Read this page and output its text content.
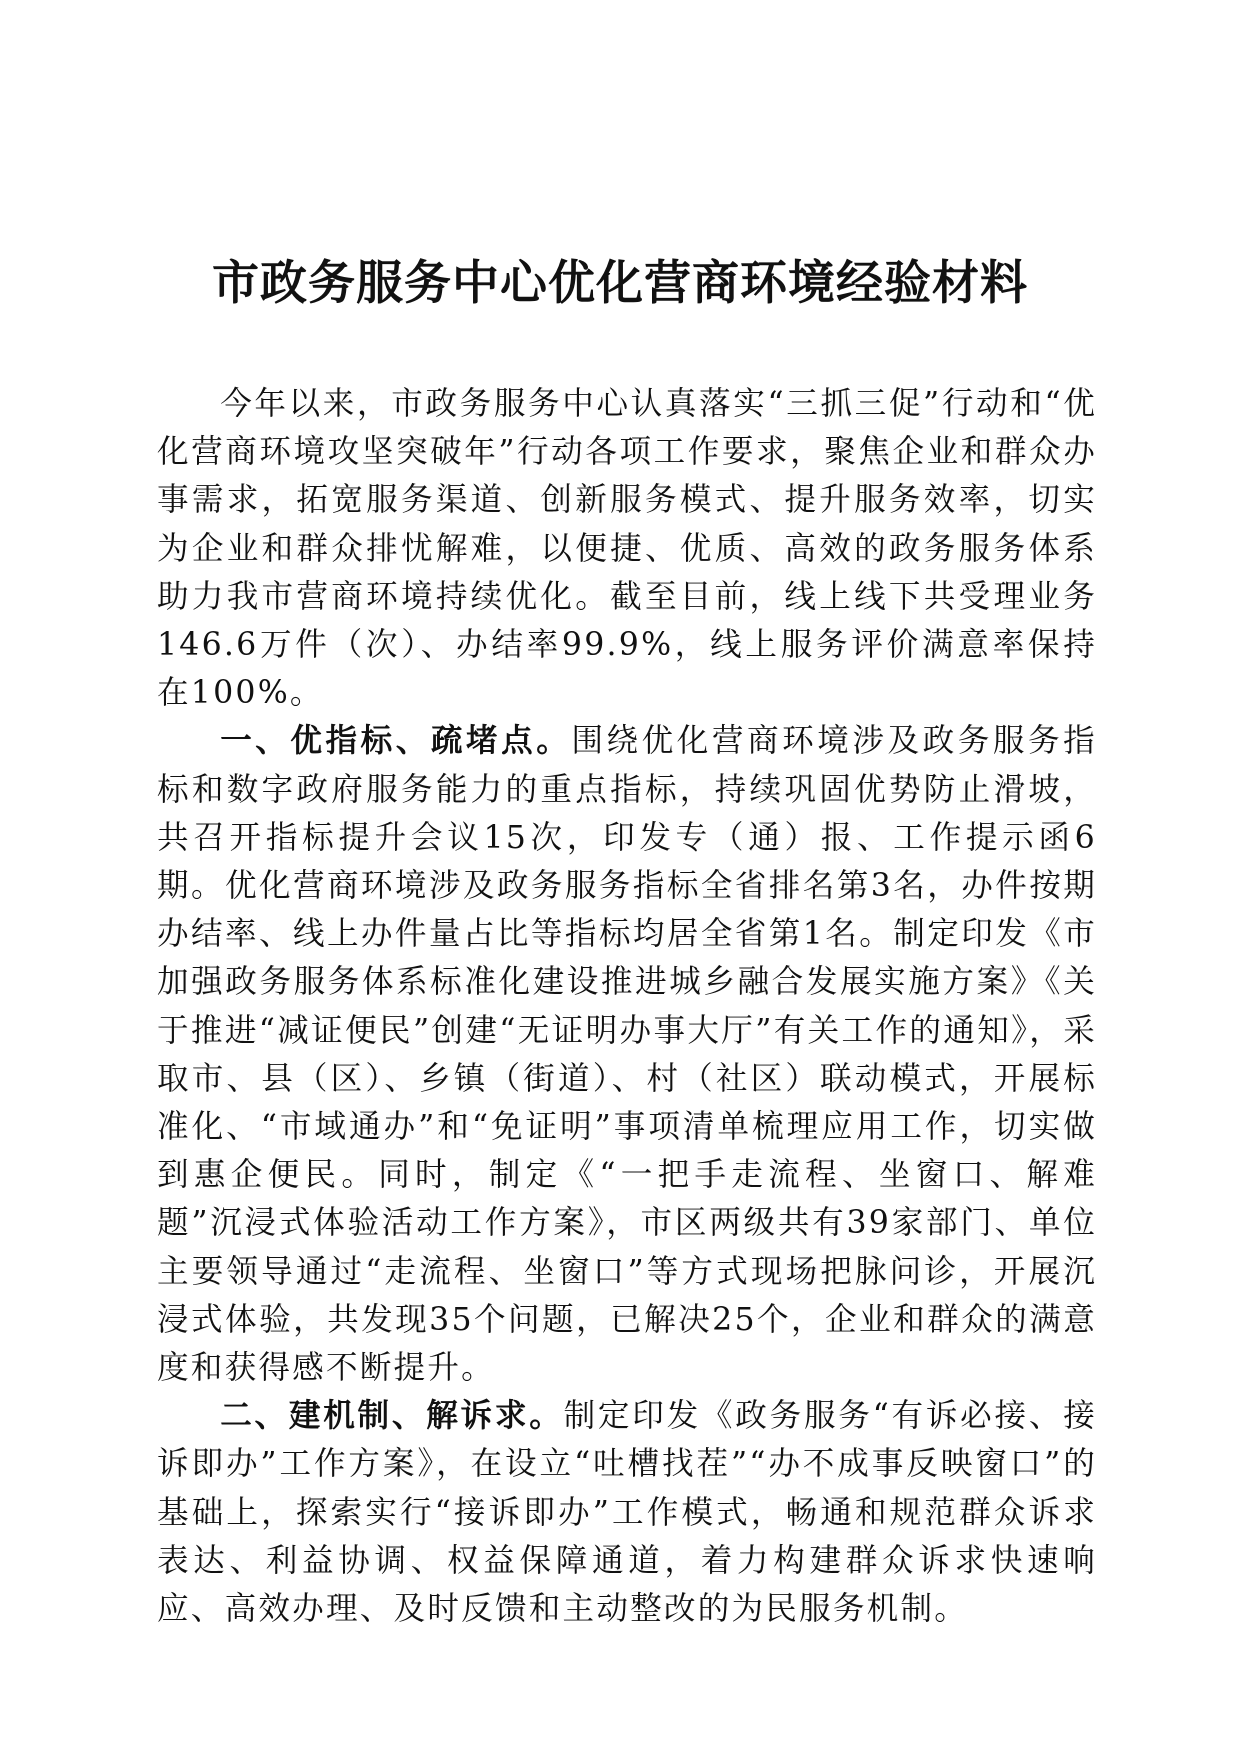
市政务服务中心优化营商环境经验材料

今年以来，市政务服务中心认真落实“三抓三促”行动和“优化营商环境攻坚突破年”行动各项工作要求，聚焦企业和群众办事需求，拓宽服务渠道、创新服务模式、提升服务效率，切实为企业和群众排忧解难，以便捷、优质、高效的政务服务体系助力我市营商环境持续优化。截至目前，线上线下共受理业务146.6万件（次）、办结率99.9%，线上服务评价满意率保持在100%。

一、优指标、疏堵点。围绕优化营商环境涉及政务服务指标和数字政府服务能力的重点指标，持续巩固优势防止滑坡，共召开指标提升会议15次，印发专（通）报、工作提示函6期。优化营商环境涉及政务服务指标全省排名第3名，办件按期办结率、线上办件量占比等指标均居全省第1名。制定印发《市加强政务服务体系标准化建设推进城乡融合发展实施方案》《关于推进“减证便民”创建“无证明办事大厅”有关工作的通知》，采取市、县（区）、乡镇（街道）、村（社区）联动模式，开展标准化、“市域通办”和“免证明”事项清单梳理应用工作，切实做到惠企便民。同时，制定《“一把手走流程、坐窗口、解难题”沉浸式体验活动工作方案》，市区两级共有39家部门、单位主要领导通过“走流程、坐窗口”等方式现场把脉问诊，开展沉浸式体验，共发现35个问题，已解决25个，企业和群众的满意度和获得感不断提升。

二、建机制、解诉求。制定印发《政务服务“有诉必接、接诉即办”工作方案》，在设立“吐槽找茬”“办不成事反映窗口”的基础上，探索实行“接诉即办”工作模式，畅通和规范群众诉求表达、利益协调、权益保障通道，着力构建群众诉求快速响应、高效办理、及时反馈和主动整改的为民服务机制。
